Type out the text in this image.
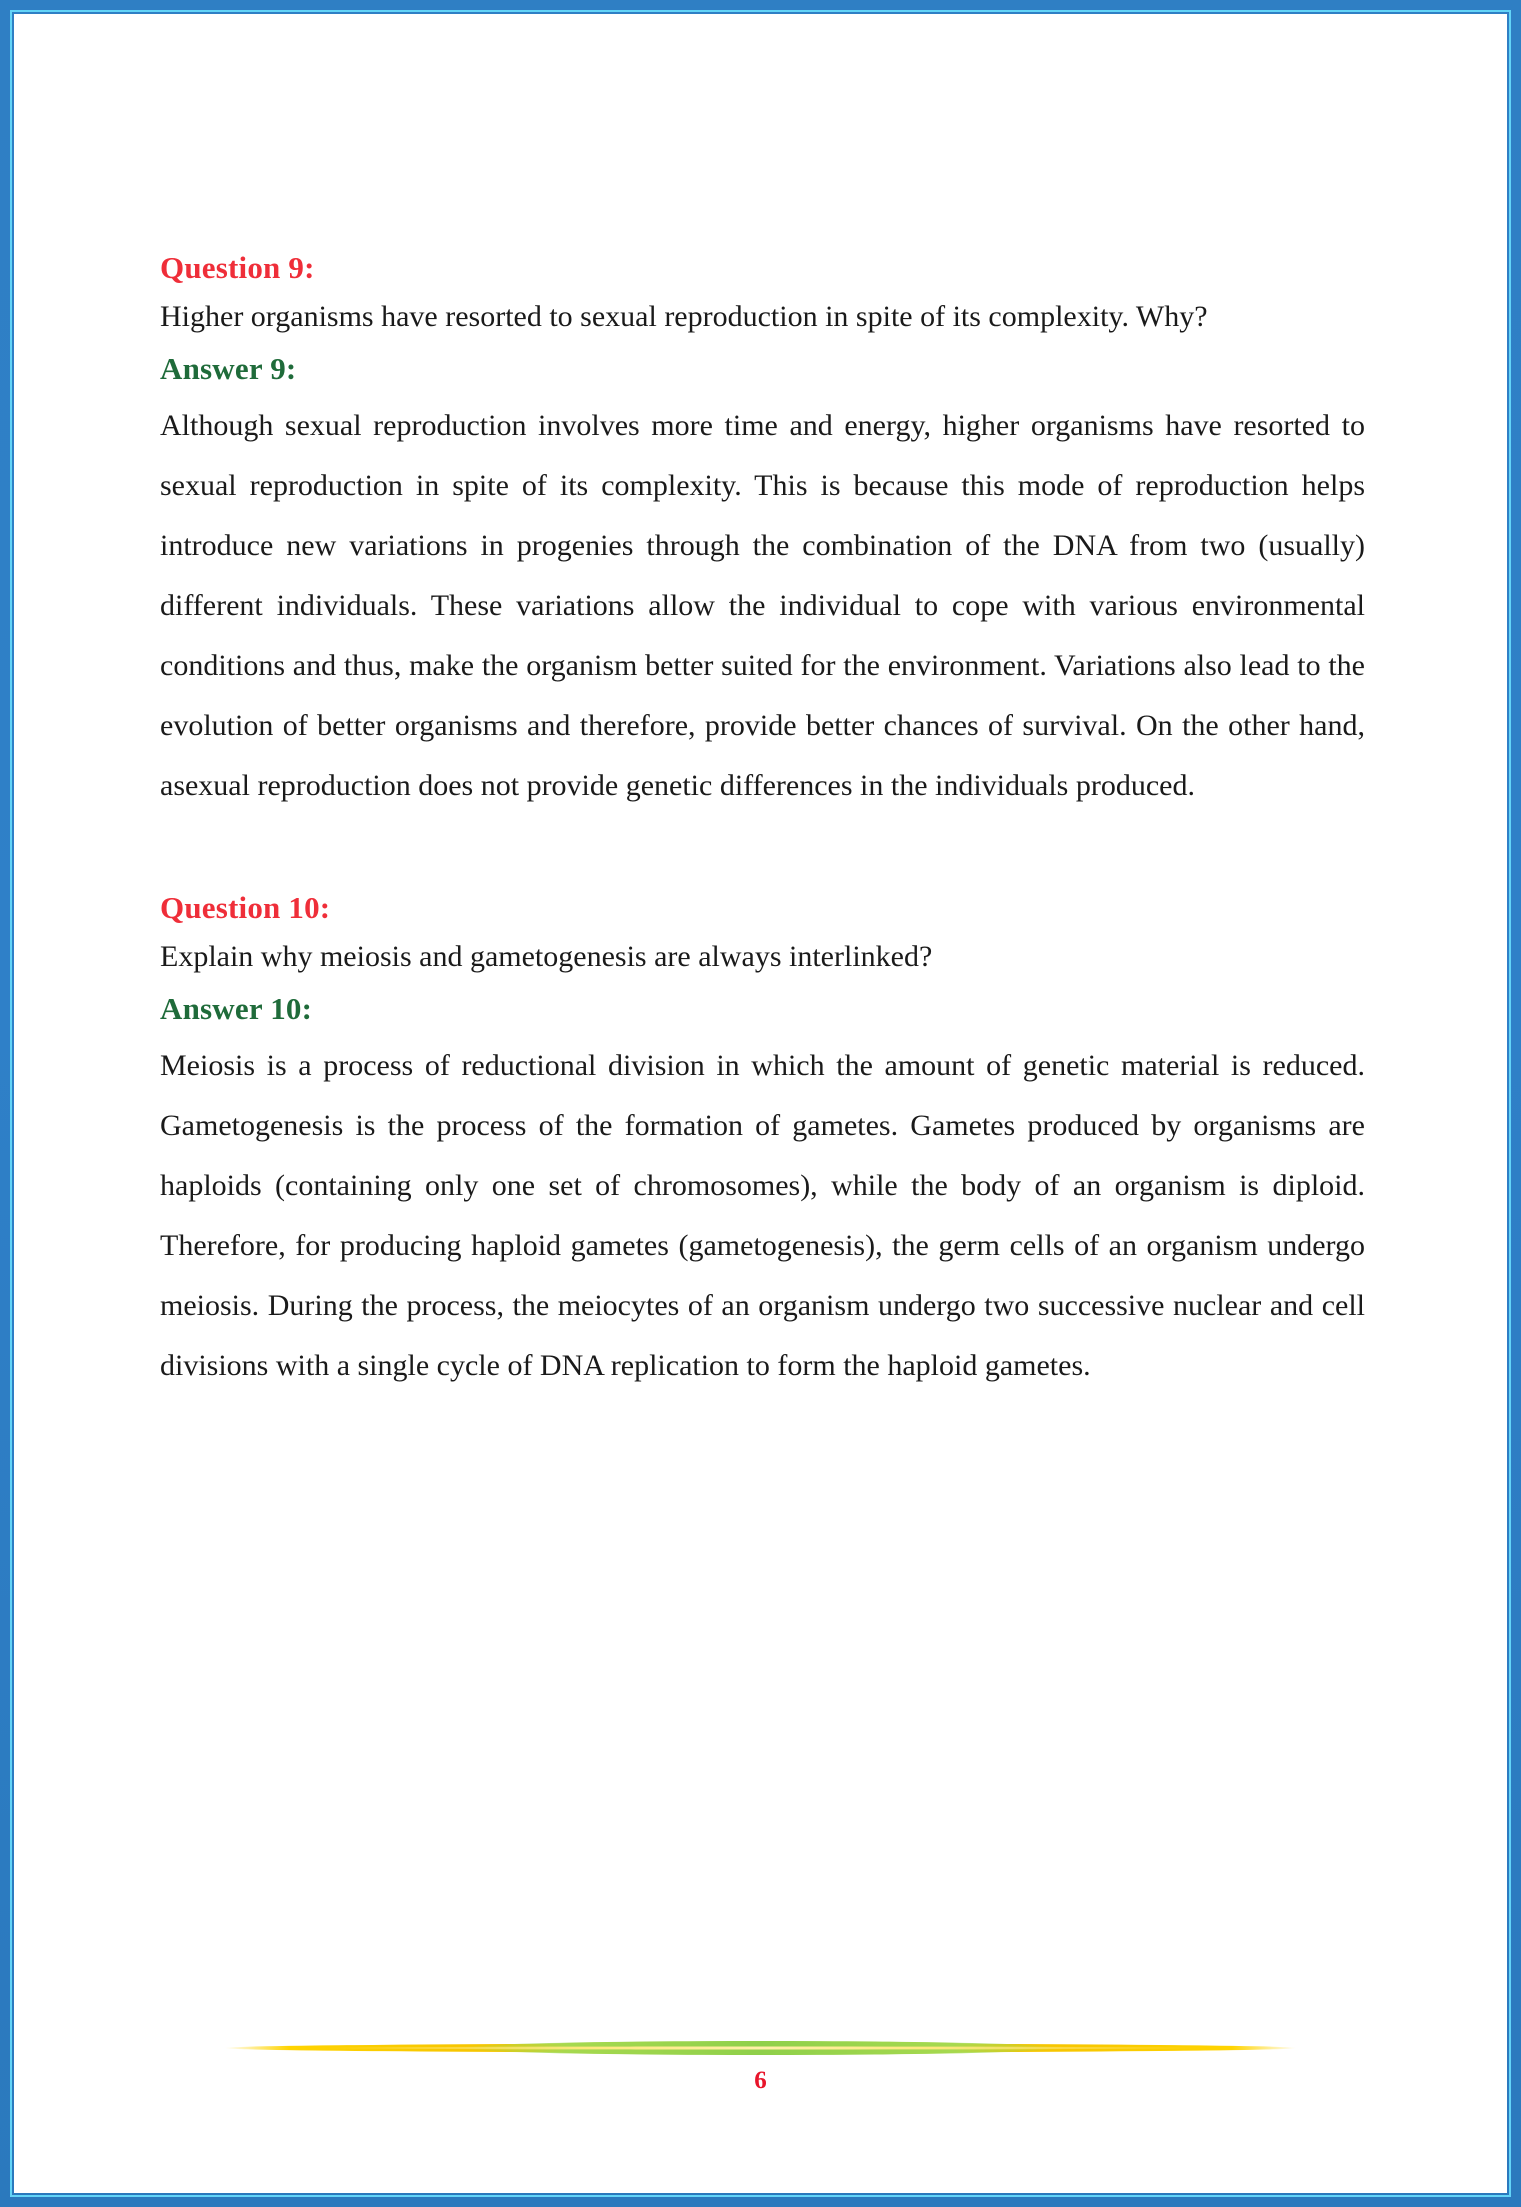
Question 9:

Higher organisms have resorted to sexual reproduction in spite of its complexity. Why?

Answer 9:

Although sexual reproduction involves more time and energy, higher organisms have resorted to sexual reproduction in spite of its complexity. This is because this mode of reproduction helps introduce new variations in progenies through the combination of the DNA from two (usually) different individuals. These variations allow the individual to cope with various environmental conditions and thus, make the organism better suited for the environment. Variations also lead to the evolution of better organisms and therefore, provide better chances of survival. On the other hand, asexual reproduction does not provide genetic differences in the individuals produced.

Question 10:

Explain why meiosis and gametogenesis are always interlinked?

Answer 10:

Meiosis is a process of reductional division in which the amount of genetic material is reduced. Gametogenesis is the process of the formation of gametes. Gametes produced by organisms are haploids (containing only one set of chromosomes), while the body of an organism is diploid. Therefore, for producing haploid gametes (gametogenesis), the germ cells of an organism undergo meiosis. During the process, the meiocytes of an organism undergo two successive nuclear and cell divisions with a single cycle of DNA replication to form the haploid gametes.

6
